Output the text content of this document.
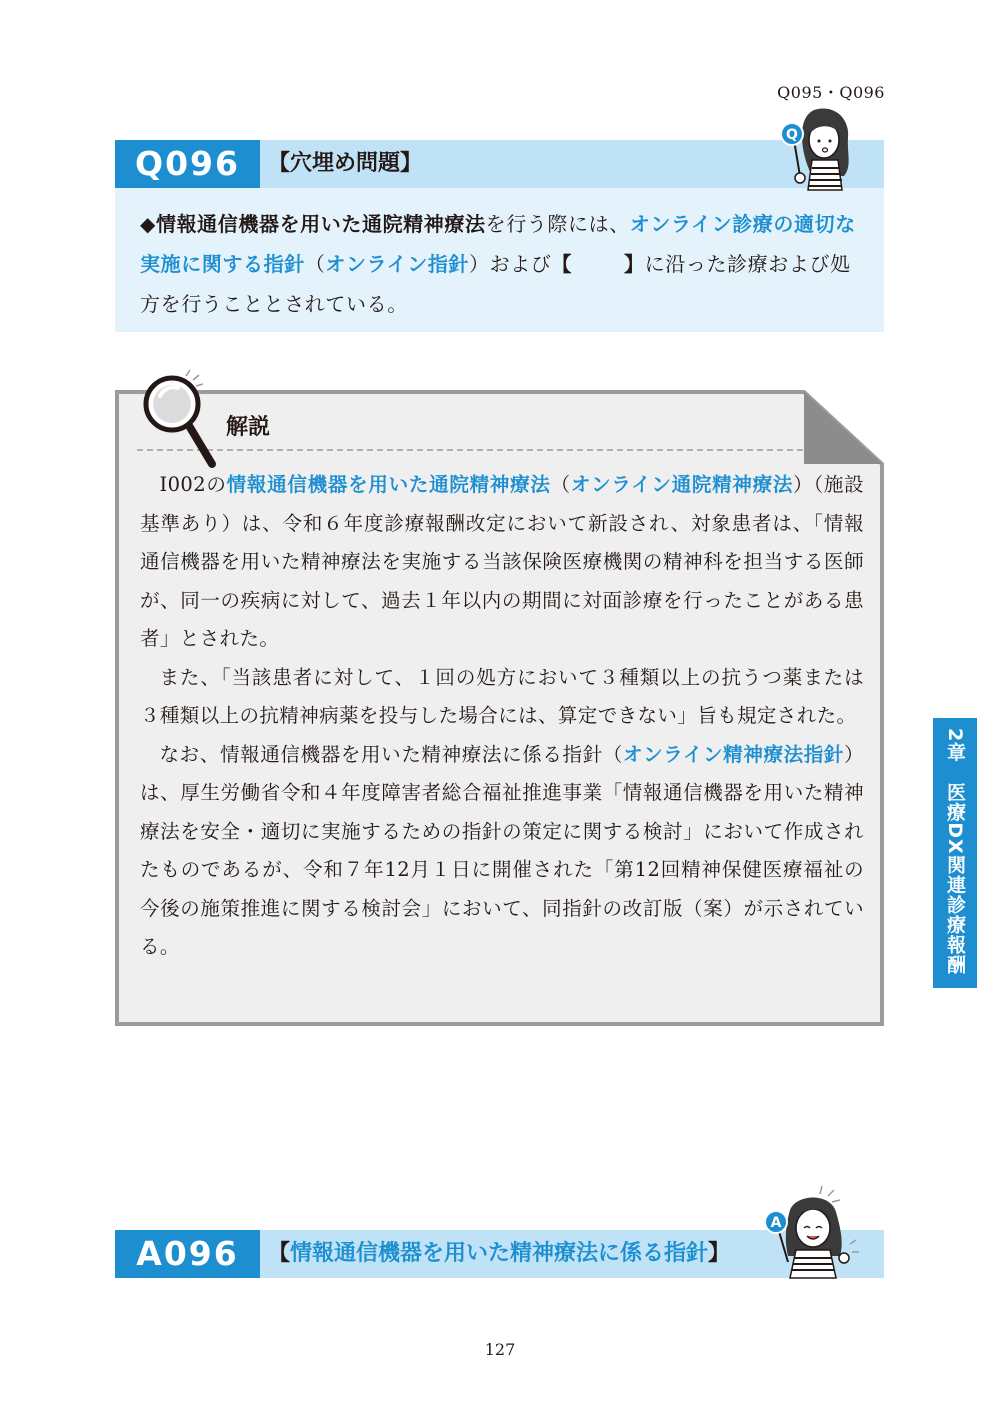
Q095・Q096
Q096	【穴埋め問題】
◆情報通信機器を用いた通院精神療法を行う際には、オンライン診療の適切な実施に関する指針（オンライン指針）および【	】に沿った診療および処方を行うこととされている。
Q
解説

I002の情報通信機器を用いた通院精神療法（オンライン通院精神療法）（施設基準あり）は、令和６年度診療報酬改定において新設され、対象患者は、「情報通信機器を用いた精神療法を実施する当該保険医療機関の精神科を担当する医師が、同一の疾病に対して、過去１年以内の期間に対面診療を行ったことがある患者」とされた。

また、「当該患者に対して、１回の処方において３種類以上の抗うつ薬または３種類以上の抗精神病薬を投与した場合には、算定できない」旨も規定された。

なお、情報通信機器を用いた精神療法に係る指針（オンライン精神療法指針）は、厚生労働省令和４年度障害者総合福祉推進事業「情報通信機器を用いた精神療法を安全・適切に実施するための指針の策定に関する検討」において作成されたものであるが、令和７年12月１日に開催された「第12回精神保健医療福祉の今後の施策推進に関する検討会」において、同指針の改訂版（案）が示されている。

2章　医療DX関連診療報酬
A096	【情報通信機器を用いた精神療法に係る指針】
A
127
